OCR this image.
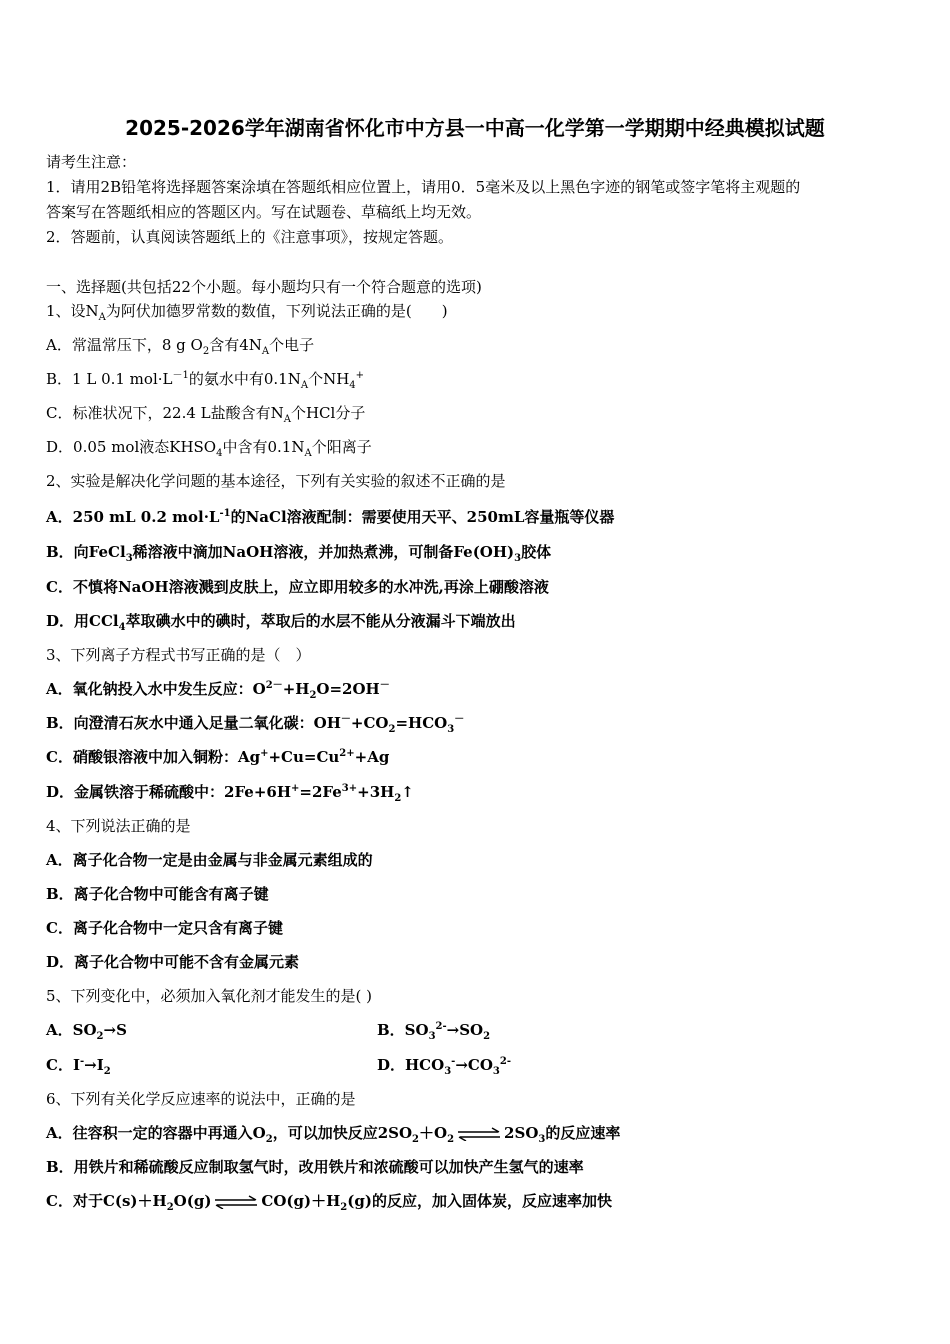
2025-2026学年湖南省怀化市中方县一中高一化学第一学期期中经典模拟试题
请考生注意：
1．请用2B铅笔将选择题答案涂填在答题纸相应位置上，请用0．5毫米及以上黑色字迹的钢笔或签字笔将主观题的
答案写在答题纸相应的答题区内。写在试题卷、草稿纸上均无效。
2．答题前，认真阅读答题纸上的《注意事项》，按规定答题。
一、选择题(共包括22个小题。每小题均只有一个符合题意的选项)
1、设$N_A$为阿伏加德罗常数的数值，下列说法正确的是(　　)
A．常温常压下，8 g $O_2$含有$4N_A$个电子
B．1 L 0.1 $mol\cdot L^{-1}$的氨水中有$0.1N_A$个$NH_4^+$
C．标准状况下，22.4 L盐酸含有$N_A$个HCl分子
D．0.05 mol液态$KHSO_4$中含有$0.1N_A$个阳离子
2、实验是解决化学问题的基本途径，下列有关实验的叙述不正确的是
A．250 mL 0.2 $mol\cdot L^{-1}$的NaCl溶液配制：需要使用天平、250mL容量瓶等仪器
B．向FeCl$_3$稀溶液中滴加NaOH溶液，并加热煮沸，可制备$Fe(OH)_3$胶体
C．不慎将NaOH溶液溅到皮肤上，应立即用较多的水冲洗,再涂上硼酸溶液
D．用CCl$_4$萃取碘水中的碘时，萃取后的水层不能从分液漏斗下端放出
3、下列离子方程式书写正确的是（　）
A．氧化钠投入水中发生反应：$O^{2-}+H_2O=2OH^-$
B．向澄清石灰水中通入足量二氧化碳：$OH^-+CO_2=HCO_3^-$
C．硝酸银溶液中加入铜粉：$Ag^++Cu=Cu^{2+}+Ag$
D．金属铁溶于稀硫酸中：$2Fe+6H^+=2Fe^{3+}+3H_2↑$
4、下列说法正确的是
A．离子化合物一定是由金属与非金属元素组成的
B．离子化合物中可能含有离子键
C．离子化合物中一定只含有离子键
D．离子化合物中可能不含有金属元素
5、下列变化中，必须加入氧化剂才能发生的是( )
A．$SO_2\to S$	B．$SO_3^{2-}\to SO_2$
C．$I^-\to I_2$	D．$HCO_3^-\to CO_3^{2-}$
6、下列有关化学反应速率的说法中，正确的是
A．往容积一定的容器中再通入$O_2$，可以加快反应$2SO_2+O_2$ ⇌ $2SO_3$的反应速率
B．用铁片和稀硫酸反应制取氢气时，改用铁片和浓硫酸可以加快产生氢气的速率
C．对于$C(s)+H_2O(g)$ ⇌ $CO(g)+H_2(g)$的反应，加入固体炭，反应速率加快
